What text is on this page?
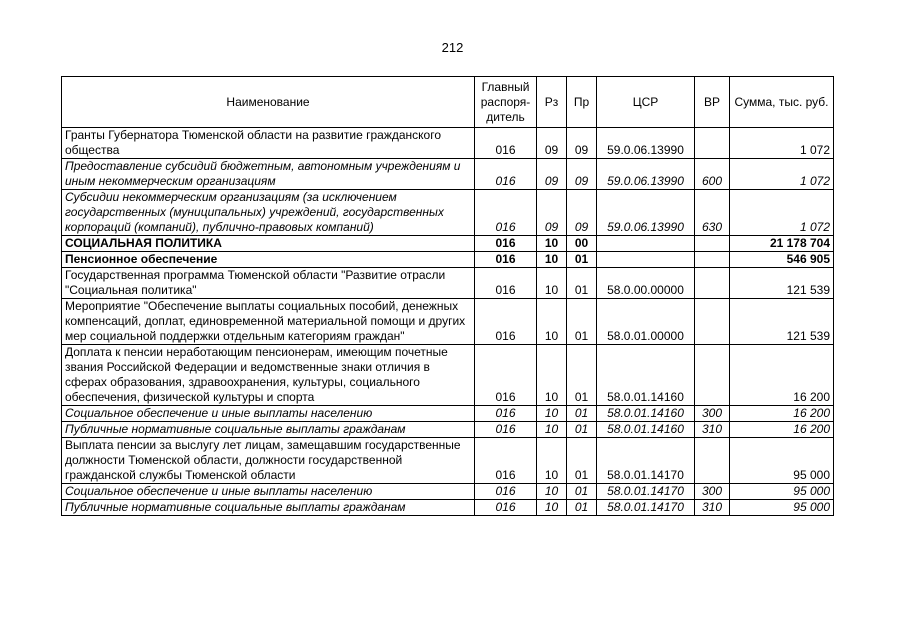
212
Наименование	Главный распоря-дитель	Рз	Пр	ЦСР	ВР	Сумма, тыс. руб.
Гранты Губернатора Тюменской области на развитие гражданского общества	016	09	09	59.0.06.13990		1 072
Предоставление субсидий бюджетным, автономным учреждениям и иным некоммерческим организациям	016	09	09	59.0.06.13990	600	1 072
Субсидии некоммерческим организациям (за исключением государственных (муниципальных) учреждений, государственных корпораций (компаний), публично-правовых компаний)	016	09	09	59.0.06.13990	630	1 072
СОЦИАЛЬНАЯ ПОЛИТИКА	016	10	00			21 178 704
Пенсионное обеспечение	016	10	01			546 905
Государственная программа Тюменской области "Развитие отрасли "Социальная политика"	016	10	01	58.0.00.00000		121 539
Мероприятие "Обеспечение выплаты социальных пособий, денежных компенсаций, доплат, единовременной материальной помощи и других мер социальной поддержки отдельным категориям граждан"	016	10	01	58.0.01.00000		121 539
Доплата к пенсии неработающим пенсионерам, имеющим почетные звания Российской Федерации и ведомственные знаки отличия в сферах образования, здравоохранения, культуры, социального обеспечения, физической культуры и спорта	016	10	01	58.0.01.14160		16 200
Социальное обеспечение и иные выплаты населению	016	10	01	58.0.01.14160	300	16 200
Публичные нормативные социальные выплаты гражданам	016	10	01	58.0.01.14160	310	16 200
Выплата пенсии за выслугу лет лицам, замещавшим государственные должности Тюменской области, должности государственной гражданской службы Тюменской области	016	10	01	58.0.01.14170		95 000
Социальное обеспечение и иные выплаты населению	016	10	01	58.0.01.14170	300	95 000
Публичные нормативные социальные выплаты гражданам	016	10	01	58.0.01.14170	310	95 000
